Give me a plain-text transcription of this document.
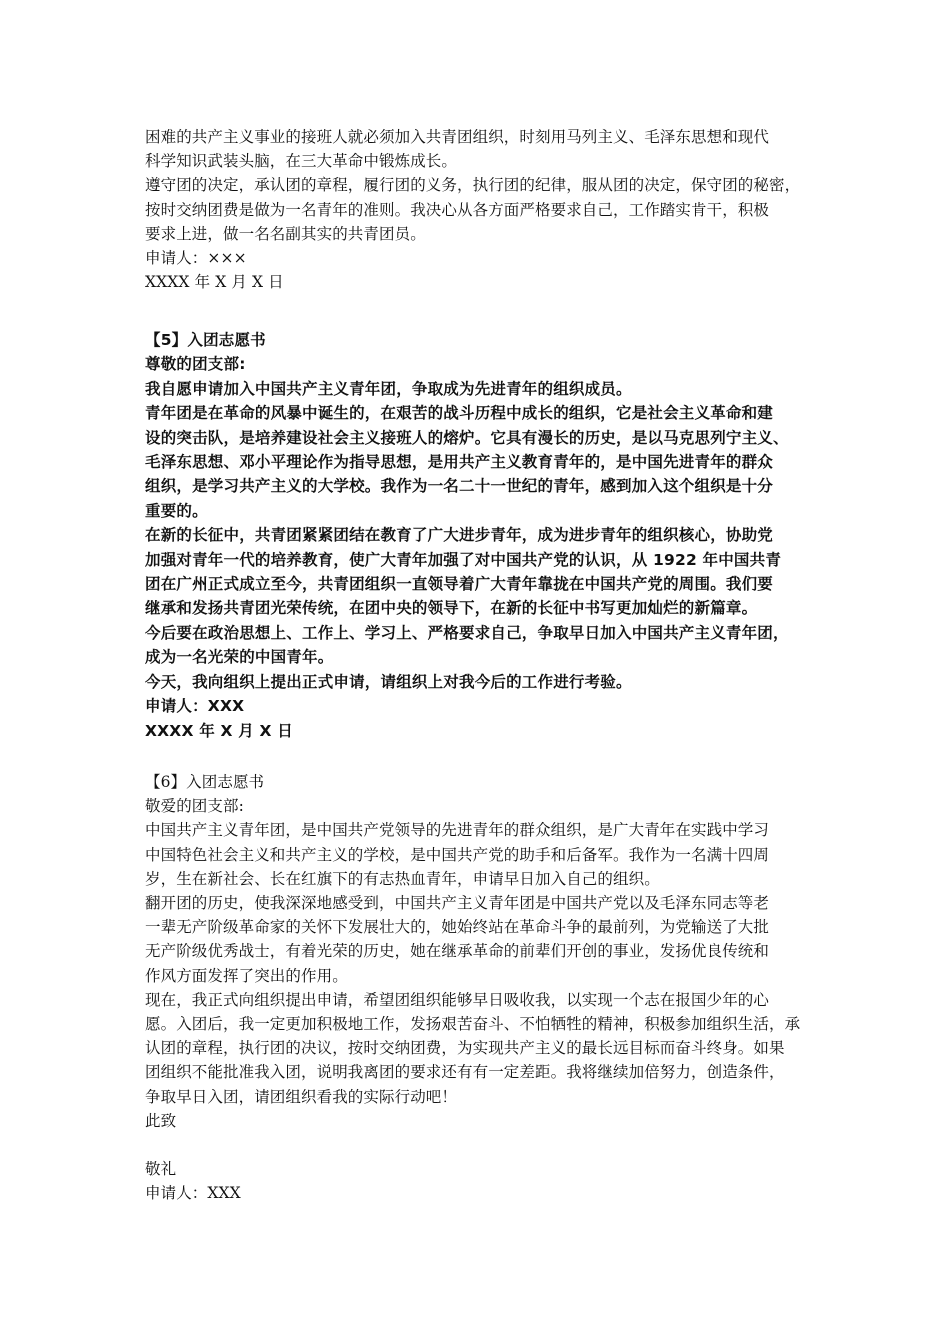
困难的共产主义事业的接班人就必须加入共青团组织，时刻用马列主义、毛泽东思想和现代

科学知识武装头脑，在三大革命中锻炼成长。

遵守团的决定，承认团的章程，履行团的义务，执行团的纪律，服从团的决定，保守团的秘密，

按时交纳团费是做为一名青年的准则。我决心从各方面严格要求自己，工作踏实肯干，积极

要求上进，做一名名副其实的共青团员。

申请人：×××

XXXX 年 X 月 X 日

【5】入团志愿书

尊敬的团支部:

我自愿申请加入中国共产主义青年团，争取成为先进青年的组织成员。

青年团是在革命的风暴中诞生的，在艰苦的战斗历程中成长的组织，它是社会主义革命和建

设的突击队，是培养建设社会主义接班人的熔炉。它具有漫长的历史，是以马克思列宁主义、

毛泽东思想、邓小平理论作为指导思想，是用共产主义教育青年的，是中国先进青年的群众

组织，是学习共产主义的大学校。我作为一名二十一世纪的青年，感到加入这个组织是十分

重要的。

在新的长征中，共青团紧紧团结在教育了广大进步青年，成为进步青年的组织核心，协助党

加强对青年一代的培养教育，使广大青年加强了对中国共产党的认识，从 1922 年中国共青

团在广州正式成立至今，共青团组织一直领导着广大青年靠拢在中国共产党的周围。我们要

继承和发扬共青团光荣传统，在团中央的领导下，在新的长征中书写更加灿烂的新篇章。

今后要在政治思想上、工作上、学习上、严格要求自己，争取早日加入中国共产主义青年团，

成为一名光荣的中国青年。

今天，我向组织上提出正式申请，请组织上对我今后的工作进行考验。

申请人：XXX

XXXX 年 X 月 X 日

【6】入团志愿书

敬爱的团支部:

中国共产主义青年团，是中国共产党领导的先进青年的群众组织，是广大青年在实践中学习

中国特色社会主义和共产主义的学校，是中国共产党的助手和后备军。我作为一名满十四周

岁，生在新社会、长在红旗下的有志热血青年，申请早日加入自己的组织。

翻开团的历史，使我深深地感受到，中国共产主义青年团是中国共产党以及毛泽东同志等老

一辈无产阶级革命家的关怀下发展壮大的，她始终站在革命斗争的最前列，为党输送了大批

无产阶级优秀战士，有着光荣的历史，她在继承革命的前辈们开创的事业，发扬优良传统和

作风方面发挥了突出的作用。

现在，我正式向组织提出申请，希望团组织能够早日吸收我，以实现一个志在报国少年的心

愿。入团后，我一定更加积极地工作，发扬艰苦奋斗、不怕牺牲的精神，积极参加组织生活，承

认团的章程，执行团的决议，按时交纳团费，为实现共产主义的最长远目标而奋斗终身。如果

团组织不能批准我入团，说明我离团的要求还有有一定差距。我将继续加倍努力，创造条件，

争取早日入团，请团组织看我的实际行动吧！

此致

敬礼

申请人：XXX
